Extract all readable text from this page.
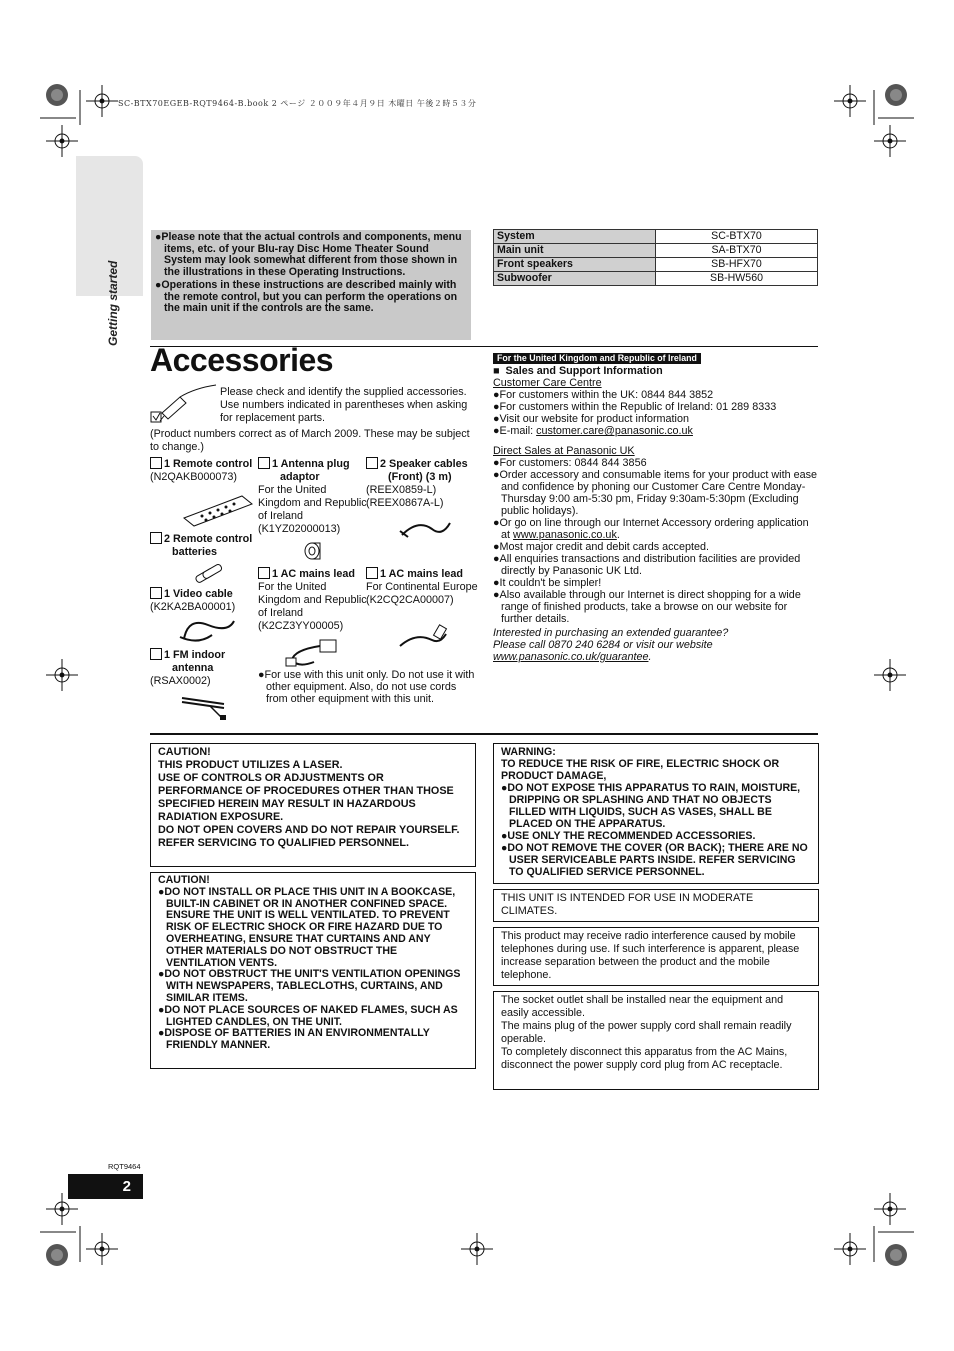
SC-BTX70EGEB-RQT9464-B.book 2 ページ ２００９年４月９日 木曜日 午後２時５３分
Getting started

●Please note that the actual controls and components, menu items, etc. of your Blu-ray Disc Home Theater Sound System may look somewhat different from those shown in the illustrations in these Operating Instructions.

●Operations in these instructions are described mainly with the remote control, but you can perform the operations on the main unit if the controls are the same.

System	SC-BTX70
Main unit	SA-BTX70
Front speakers	SB-HFX70
Subwoofer	SB-HW560
Accessories
Please check and identify the supplied accessories. Use numbers indicated in parentheses when asking for replacement parts.
(Product numbers correct as of March 2009. These may be subject to change.)
1 Remote control
(N2QAKB000073)
2 Remote control
batteries
1 Video cable
(K2KA2BA00001)
1 FM indoor
antenna
(RSAX0002)
1 Antenna plug
adaptor
For the United Kingdom and Republic of Ireland
(K1YZ02000013)
1 AC mains lead
For the United Kingdom and Republic of Ireland
(K2CZ3YY00005)
2 Speaker cables
(Front) (3 m)
(REEX0859-L)
(REEX0867A-L)
1 AC mains lead
For Continental Europe
(K2CQ2CA00007)

●For use with this unit only. Do not use it with other equipment. Also, do not use cords from other equipment with this unit.

For the United Kingdom and Republic of Ireland
■ Sales and Support Information
Customer Care Centre

●For customers within the UK: 0844 844 3852

●For customers within the Republic of Ireland: 01 289 8333

●Visit our website for product information

●E-mail: customer.care@panasonic.co.uk

Direct Sales at Panasonic UK

●For customers: 0844 844 3856

●Order accessory and consumable items for your product with ease and confidence by phoning our Customer Care Centre Monday-Thursday 9:00 am-5:30 pm, Friday 9:30am-5:30pm (Excluding public holidays).

●Or go on line through our Internet Accessory ordering application at www.panasonic.co.uk.

●Most major credit and debit cards accepted.

●All enquiries transactions and distribution facilities are provided directly by Panasonic UK Ltd.

●It couldn't be simpler!

●Also available through our Internet is direct shopping for a wide range of finished products, take a browse on our website for further details.

Interested in purchasing an extended guarantee?
Please call 0870 240 6284 or visit our website
www.panasonic.co.uk/guarantee.

CAUTION!

THIS PRODUCT UTILIZES A LASER.

USE OF CONTROLS OR ADJUSTMENTS OR PERFORMANCE OF PROCEDURES OTHER THAN THOSE SPECIFIED HEREIN MAY RESULT IN HAZARDOUS RADIATION EXPOSURE.

DO NOT OPEN COVERS AND DO NOT REPAIR YOURSELF. REFER SERVICING TO QUALIFIED PERSONNEL.

CAUTION!

●DO NOT INSTALL OR PLACE THIS UNIT IN A BOOKCASE, BUILT-IN CABINET OR IN ANOTHER CONFINED SPACE. ENSURE THE UNIT IS WELL VENTILATED. TO PREVENT RISK OF ELECTRIC SHOCK OR FIRE HAZARD DUE TO OVERHEATING, ENSURE THAT CURTAINS AND ANY OTHER MATERIALS DO NOT OBSTRUCT THE VENTILATION VENTS.

●DO NOT OBSTRUCT THE UNIT'S VENTILATION OPENINGS WITH NEWSPAPERS, TABLECLOTHS, CURTAINS, AND SIMILAR ITEMS.

●DO NOT PLACE SOURCES OF NAKED FLAMES, SUCH AS LIGHTED CANDLES, ON THE UNIT.

●DISPOSE OF BATTERIES IN AN ENVIRONMENTALLY FRIENDLY MANNER.

WARNING:

TO REDUCE THE RISK OF FIRE, ELECTRIC SHOCK OR PRODUCT DAMAGE,

●DO NOT EXPOSE THIS APPARATUS TO RAIN, MOISTURE, DRIPPING OR SPLASHING AND THAT NO OBJECTS FILLED WITH LIQUIDS, SUCH AS VASES, SHALL BE PLACED ON THE APPARATUS.

●USE ONLY THE RECOMMENDED ACCESSORIES.

●DO NOT REMOVE THE COVER (OR BACK); THERE ARE NO USER SERVICEABLE PARTS INSIDE. REFER SERVICING TO QUALIFIED SERVICE PERSONNEL.

THIS UNIT IS INTENDED FOR USE IN MODERATE CLIMATES.

This product may receive radio interference caused by mobile telephones during use. If such interference is apparent, please increase separation between the product and the mobile telephone.

The socket outlet shall be installed near the equipment and easily accessible.

The mains plug of the power supply cord shall remain readily operable.

To completely disconnect this apparatus from the AC Mains, disconnect the power supply cord plug from AC receptacle.

RQT9464
2
